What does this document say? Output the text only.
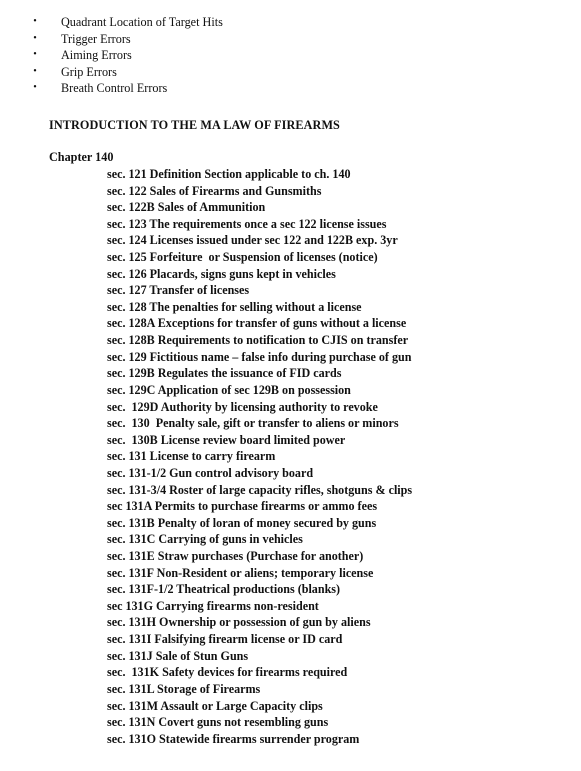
• Quadrant Location of Target Hits
• Trigger Errors
• Aiming Errors
• Grip Errors
• Breath Control Errors
INTRODUCTION TO THE MA LAW OF FIREARMS
Chapter 140
sec. 121 Definition Section applicable to ch. 140
sec. 122 Sales of Firearms and Gunsmiths
sec. 122B Sales of Ammunition
sec. 123 The requirements once a sec 122 license issues
sec. 124 Licenses issued under sec 122 and 122B exp. 3yr
sec. 125 Forfeiture  or Suspension of licenses (notice)
sec. 126 Placards, signs guns kept in vehicles
sec. 127 Transfer of licenses
sec. 128 The penalties for selling without a license
sec. 128A Exceptions for transfer of guns without a license
sec. 128B Requirements to notification to CJIS on transfer
sec. 129 Fictitious name – false info during purchase of gun
sec. 129B Regulates the issuance of FID cards
sec. 129C Application of sec 129B on possession
sec.  129D Authority by licensing authority to revoke
sec.  130  Penalty sale, gift or transfer to aliens or minors
sec.  130B License review board limited power
sec. 131 License to carry firearm
sec. 131-1/2 Gun control advisory board
sec. 131-3/4 Roster of large capacity rifles, shotguns & clips
sec 131A Permits to purchase firearms or ammo fees
sec. 131B Penalty of loran of money secured by guns
sec. 131C Carrying of guns in vehicles
sec. 131E Straw purchases (Purchase for another)
sec. 131F Non-Resident or aliens; temporary license
sec. 131F-1/2 Theatrical productions (blanks)
sec 131G Carrying firearms non-resident
sec. 131H Ownership or possession of gun by aliens
sec. 131I Falsifying firearm license or ID card
sec. 131J Sale of Stun Guns
sec.  131K Safety devices for firearms required
sec. 131L Storage of Firearms
sec. 131M Assault or Large Capacity clips
sec. 131N Covert guns not resembling guns
sec. 131O Statewide firearms surrender program
